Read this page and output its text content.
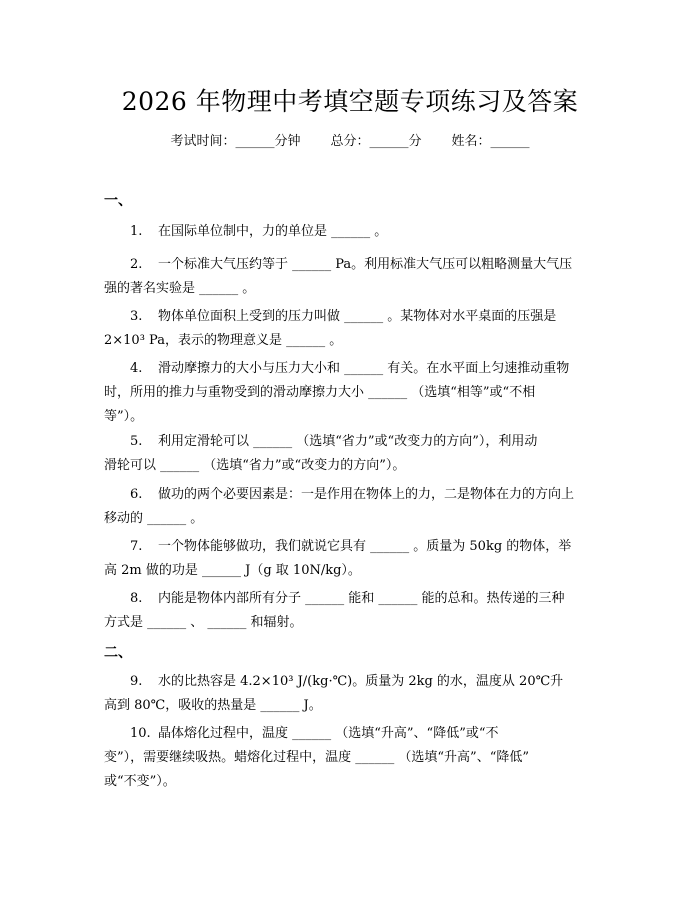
2026 年物理中考填空题专项练习及答案
考试时间：______分钟 总分：______分 姓名：______
一、
1. 在国际单位制中，力的单位是 ______ 。
2. 一个标准大气压约等于 ______ Pa。利用标准大气压可以粗略测量大气压
强的著名实验是 ______ 。
3. 物体单位面积上受到的压力叫做 ______ 。某物体对水平桌面的压强是
2×10³ Pa，表示的物理意义是 ______ 。
4. 滑动摩擦力的大小与压力大小和 ______ 有关。在水平面上匀速推动重物
时，所用的推力与重物受到的滑动摩擦力大小 ______ （选填“相等”或“不相
等”）。
5. 利用定滑轮可以 ______ （选填“省力”或“改变力的方向”），利用动
滑轮可以 ______ （选填“省力”或“改变力的方向”）。
6. 做功的两个必要因素是：一是作用在物体上的力，二是物体在力的方向上
移动的 ______ 。
7. 一个物体能够做功，我们就说它具有 ______ 。质量为 50kg 的物体，举
高 2m 做的功是 ______ J（g 取 10N/kg）。
8. 内能是物体内部所有分子 ______ 能和 ______ 能的总和。热传递的三种
方式是 ______ 、 ______ 和辐射。
二、
9. 水的比热容是 4.2×10³ J/(kg·℃)。质量为 2kg 的水，温度从 20℃升
高到 80℃，吸收的热量是 ______ J。
10. 晶体熔化过程中，温度 ______ （选填“升高”、“降低”或“不
变”），需要继续吸热。蜡熔化过程中，温度 ______ （选填“升高”、“降低”
或“不变”）。
